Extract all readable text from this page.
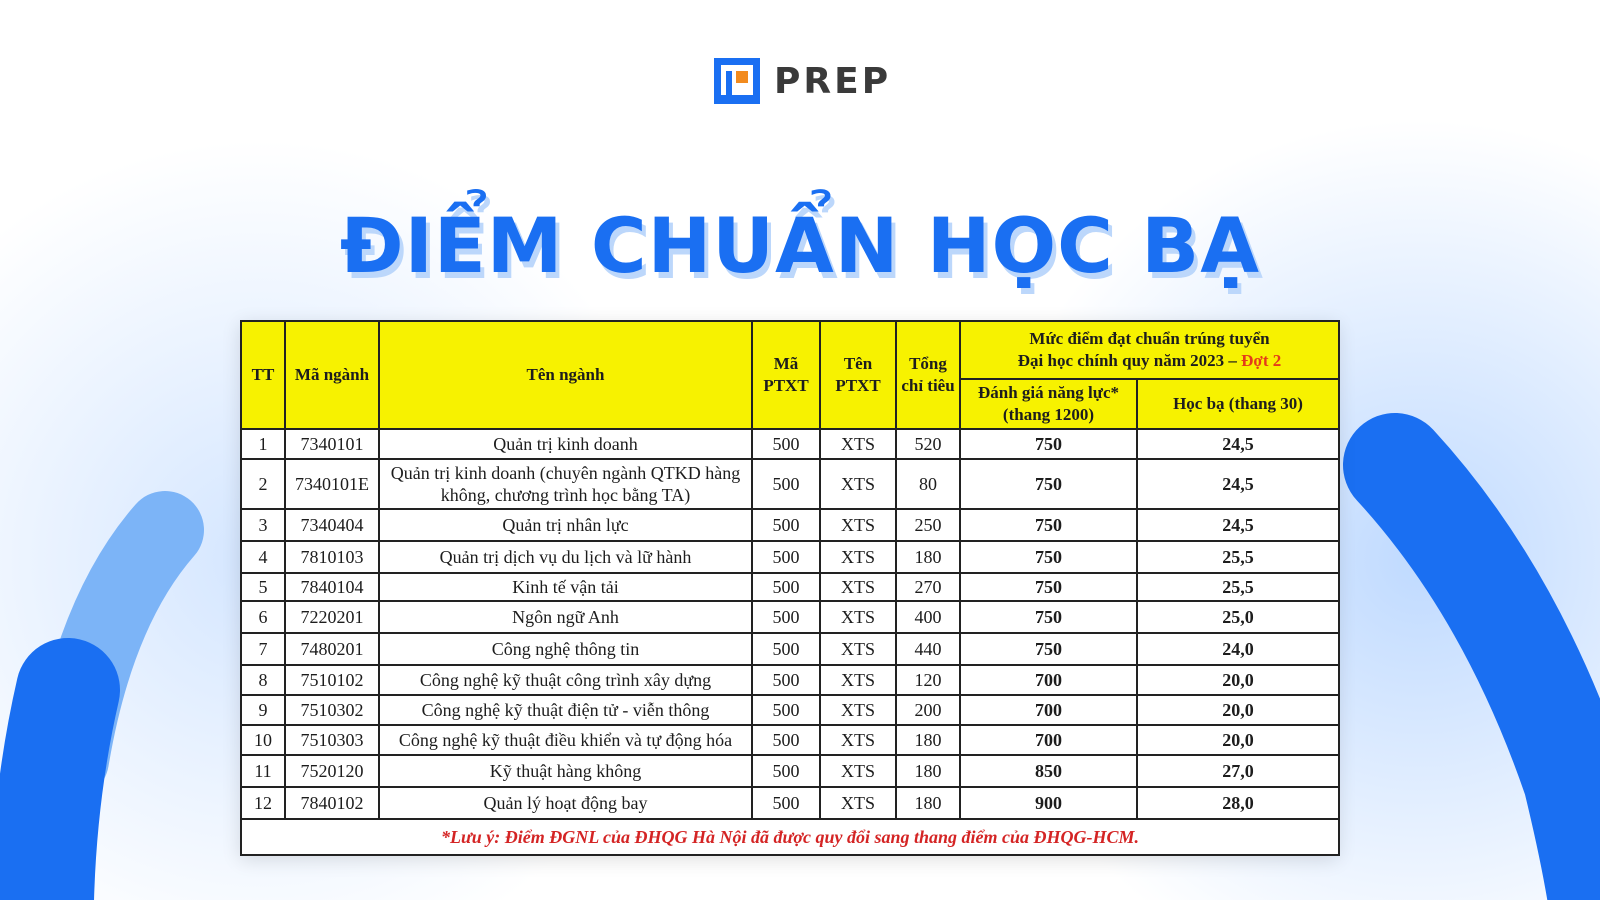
PREP
ĐIỂM CHUẨN HỌC BẠ
TT	Mã ngành	Tên ngành	Mã PTXT	Tên PTXT	Tổng chỉ tiêu	Mức điểm đạt chuẩn trúng tuyển
Đại học chính quy năm 2023 – Đợt 2	
						Đánh giá năng lực* (thang 1200)	Học bạ (thang 30)
1	7340101	Quản trị kinh doanh	500	XTS	520	750	24,5
2	7340101E	Quản trị kinh doanh (chuyên ngành QTKD hàng không, chương trình học bằng TA)	500	XTS	80	750	24,5
3	7340404	Quản trị nhân lực	500	XTS	250	750	24,5
4	7810103	Quản trị dịch vụ du lịch và lữ hành	500	XTS	180	750	25,5
5	7840104	Kinh tế vận tải	500	XTS	270	750	25,5
6	7220201	Ngôn ngữ Anh	500	XTS	400	750	25,0
7	7480201	Công nghệ thông tin	500	XTS	440	750	24,0
8	7510102	Công nghệ kỹ thuật công trình xây dựng	500	XTS	120	700	20,0
9	7510302	Công nghệ kỹ thuật điện tử - viễn thông	500	XTS	200	700	20,0
10	7510303	Công nghệ kỹ thuật điều khiển và tự động hóa	500	XTS	180	700	20,0
11	7520120	Kỹ thuật hàng không	500	XTS	180	850	27,0
12	7840102	Quản lý hoạt động bay	500	XTS	180	900	28,0
*Lưu ý: Điểm ĐGNL của ĐHQG Hà Nội đã được quy đổi sang thang điểm của ĐHQG-HCM.							
